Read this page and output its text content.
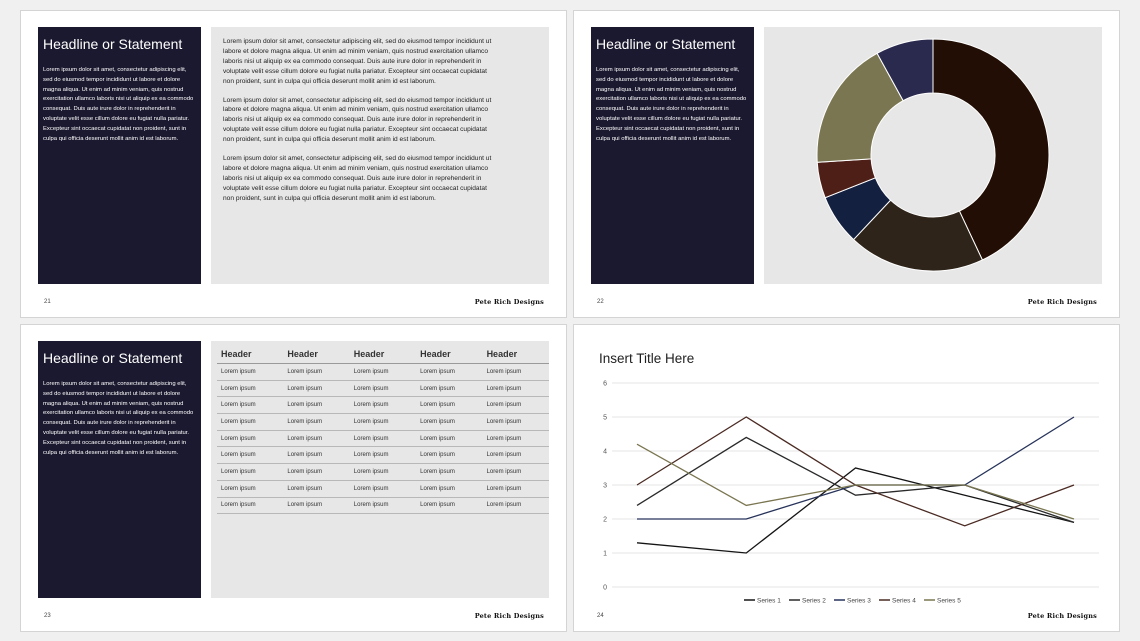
Headline or Statement

Lorem ipsum dolor sit amet, consectetur adipiscing elit, sed do eiusmod tempor incididunt ut labore et dolore magna aliqua. Ut enim ad minim veniam, quis nostrud exercitation ullamco laboris nisi ut aliquip ex ea commodo consequat. Duis aute irure dolor in reprehenderit in voluptate velit esse cillum dolore eu fugiat nulla pariatur. Excepteur sint occaecat cupidatat non proident, sunt in culpa qui officia deserunt mollit anim id est laborum.

Lorem ipsum dolor sit amet, consectetur adipiscing elit, sed do eiusmod tempor incididunt ut labore et dolore magna aliqua. Ut enim ad minim veniam, quis nostrud exercitation ullamco laboris nisi ut aliquip ex ea commodo consequat. Duis aute irure dolor in reprehenderit in voluptate velit esse cillum dolore eu fugiat nulla pariatur. Excepteur sint occaecat cupidatat non proident, sunt in culpa qui officia deserunt mollit anim id est laborum.

Lorem ipsum dolor sit amet, consectetur adipiscing elit, sed do eiusmod tempor incididunt ut labore et dolore magna aliqua. Ut enim ad minim veniam, quis nostrud exercitation ullamco laboris nisi ut aliquip ex ea commodo consequat. Duis aute irure dolor in reprehenderit in voluptate velit esse cillum dolore eu fugiat nulla pariatur. Excepteur sint occaecat cupidatat non proident, sunt in culpa qui officia deserunt mollit anim id est laborum.

Lorem ipsum dolor sit amet, consectetur adipiscing elit, sed do eiusmod tempor incididunt ut labore et dolore magna aliqua. Ut enim ad minim veniam, quis nostrud exercitation ullamco laboris nisi ut aliquip ex ea commodo consequat. Duis aute irure dolor in reprehenderit in voluptate velit esse cillum dolore eu fugiat nulla pariatur. Excepteur sint occaecat cupidatat non proident, sunt in culpa qui officia deserunt mollit anim id est laborum.

21	Pete Rich Designs
Headline or Statement

Lorem ipsum dolor sit amet, consectetur adipiscing elit, sed do eiusmod tempor incididunt ut labore et dolore magna aliqua. Ut enim ad minim veniam, quis nostrud exercitation ullamco laboris nisi ut aliquip ex ea commodo consequat. Duis aute irure dolor in reprehenderit in voluptate velit esse cillum dolore eu fugiat nulla pariatur. Excepteur sint occaecat cupidatat non proident, sunt in culpa qui officia deserunt mollit anim id est laborum.

22	Pete Rich Designs
Headline or Statement

Lorem ipsum dolor sit amet, consectetur adipiscing elit, sed do eiusmod tempor incididunt ut labore et dolore magna aliqua. Ut enim ad minim veniam, quis nostrud exercitation ullamco laboris nisi ut aliquip ex ea commodo consequat. Duis aute irure dolor in reprehenderit in voluptate velit esse cillum dolore eu fugiat nulla pariatur. Excepteur sint occaecat cupidatat non proident, sunt in culpa qui officia deserunt mollit anim id est laborum.

Header	Header	Header	Header	Header
Lorem ipsum	Lorem ipsum	Lorem ipsum	Lorem ipsum	Lorem ipsum
Lorem ipsum	Lorem ipsum	Lorem ipsum	Lorem ipsum	Lorem ipsum
Lorem ipsum	Lorem ipsum	Lorem ipsum	Lorem ipsum	Lorem ipsum
Lorem ipsum	Lorem ipsum	Lorem ipsum	Lorem ipsum	Lorem ipsum
Lorem ipsum	Lorem ipsum	Lorem ipsum	Lorem ipsum	Lorem ipsum
Lorem ipsum	Lorem ipsum	Lorem ipsum	Lorem ipsum	Lorem ipsum
Lorem ipsum	Lorem ipsum	Lorem ipsum	Lorem ipsum	Lorem ipsum
Lorem ipsum	Lorem ipsum	Lorem ipsum	Lorem ipsum	Lorem ipsum
Lorem ipsum	Lorem ipsum	Lorem ipsum	Lorem ipsum	Lorem ipsum
23	Pete Rich Designs
Insert Title Here
0
1
2
3
4
5
6
Series 1	Series 2	Series 3	Series 4	Series 5
24	Pete Rich Designs
